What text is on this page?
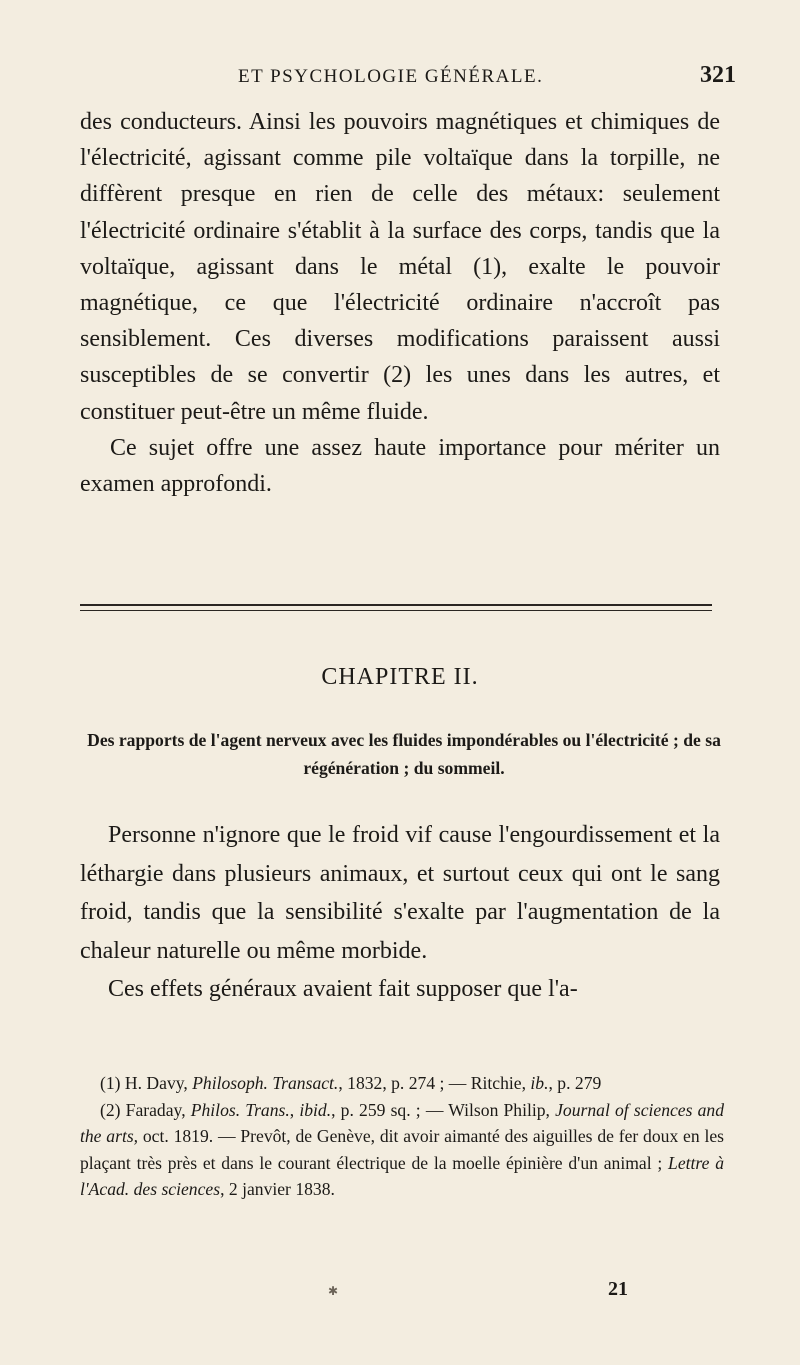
ET PSYCHOLOGIE GÉNÉRALE.	321

des conducteurs. Ainsi les pouvoirs magnétiques et chimiques de l'électricité, agissant comme pile voltaïque dans la torpille, ne diffèrent presque en rien de celle des métaux: seulement l'électricité ordinaire s'établit à la surface des corps, tandis que la voltaïque, agissant dans le métal (1), exalte le pouvoir magnétique, ce que l'électricité ordinaire n'accroît pas sensiblement. Ces diverses modifications paraissent aussi susceptibles de se convertir (2) les unes dans les autres, et constituer peut-être un même fluide.

Ce sujet offre une assez haute importance pour mériter un examen approfondi.

CHAPITRE II.
Des rapports de l'agent nerveux avec les fluides impondérables ou l'électricité ; de sa régénération ; du sommeil.

Personne n'ignore que le froid vif cause l'engourdissement et la léthargie dans plusieurs animaux, et surtout ceux qui ont le sang froid, tandis que la sensibilité s'exalte par l'augmentation de la chaleur naturelle ou même morbide.

Ces effets généraux avaient fait supposer que l'a-

(1) H. Davy, Philosoph. Transact., 1832, p. 274 ; — Ritchie, ib., p. 279

(2) Faraday, Philos. Trans., ibid., p. 259 sq. ; — Wilson Philip, Journal of sciences and the arts, oct. 1819. — Prevôt, de Genève, dit avoir aimanté des aiguilles de fer doux en les plaçant très près et dans le courant électrique de la moelle épinière d'un animal ; Lettre à l'Acad. des sciences, 2 janvier 1838.

✱	21
